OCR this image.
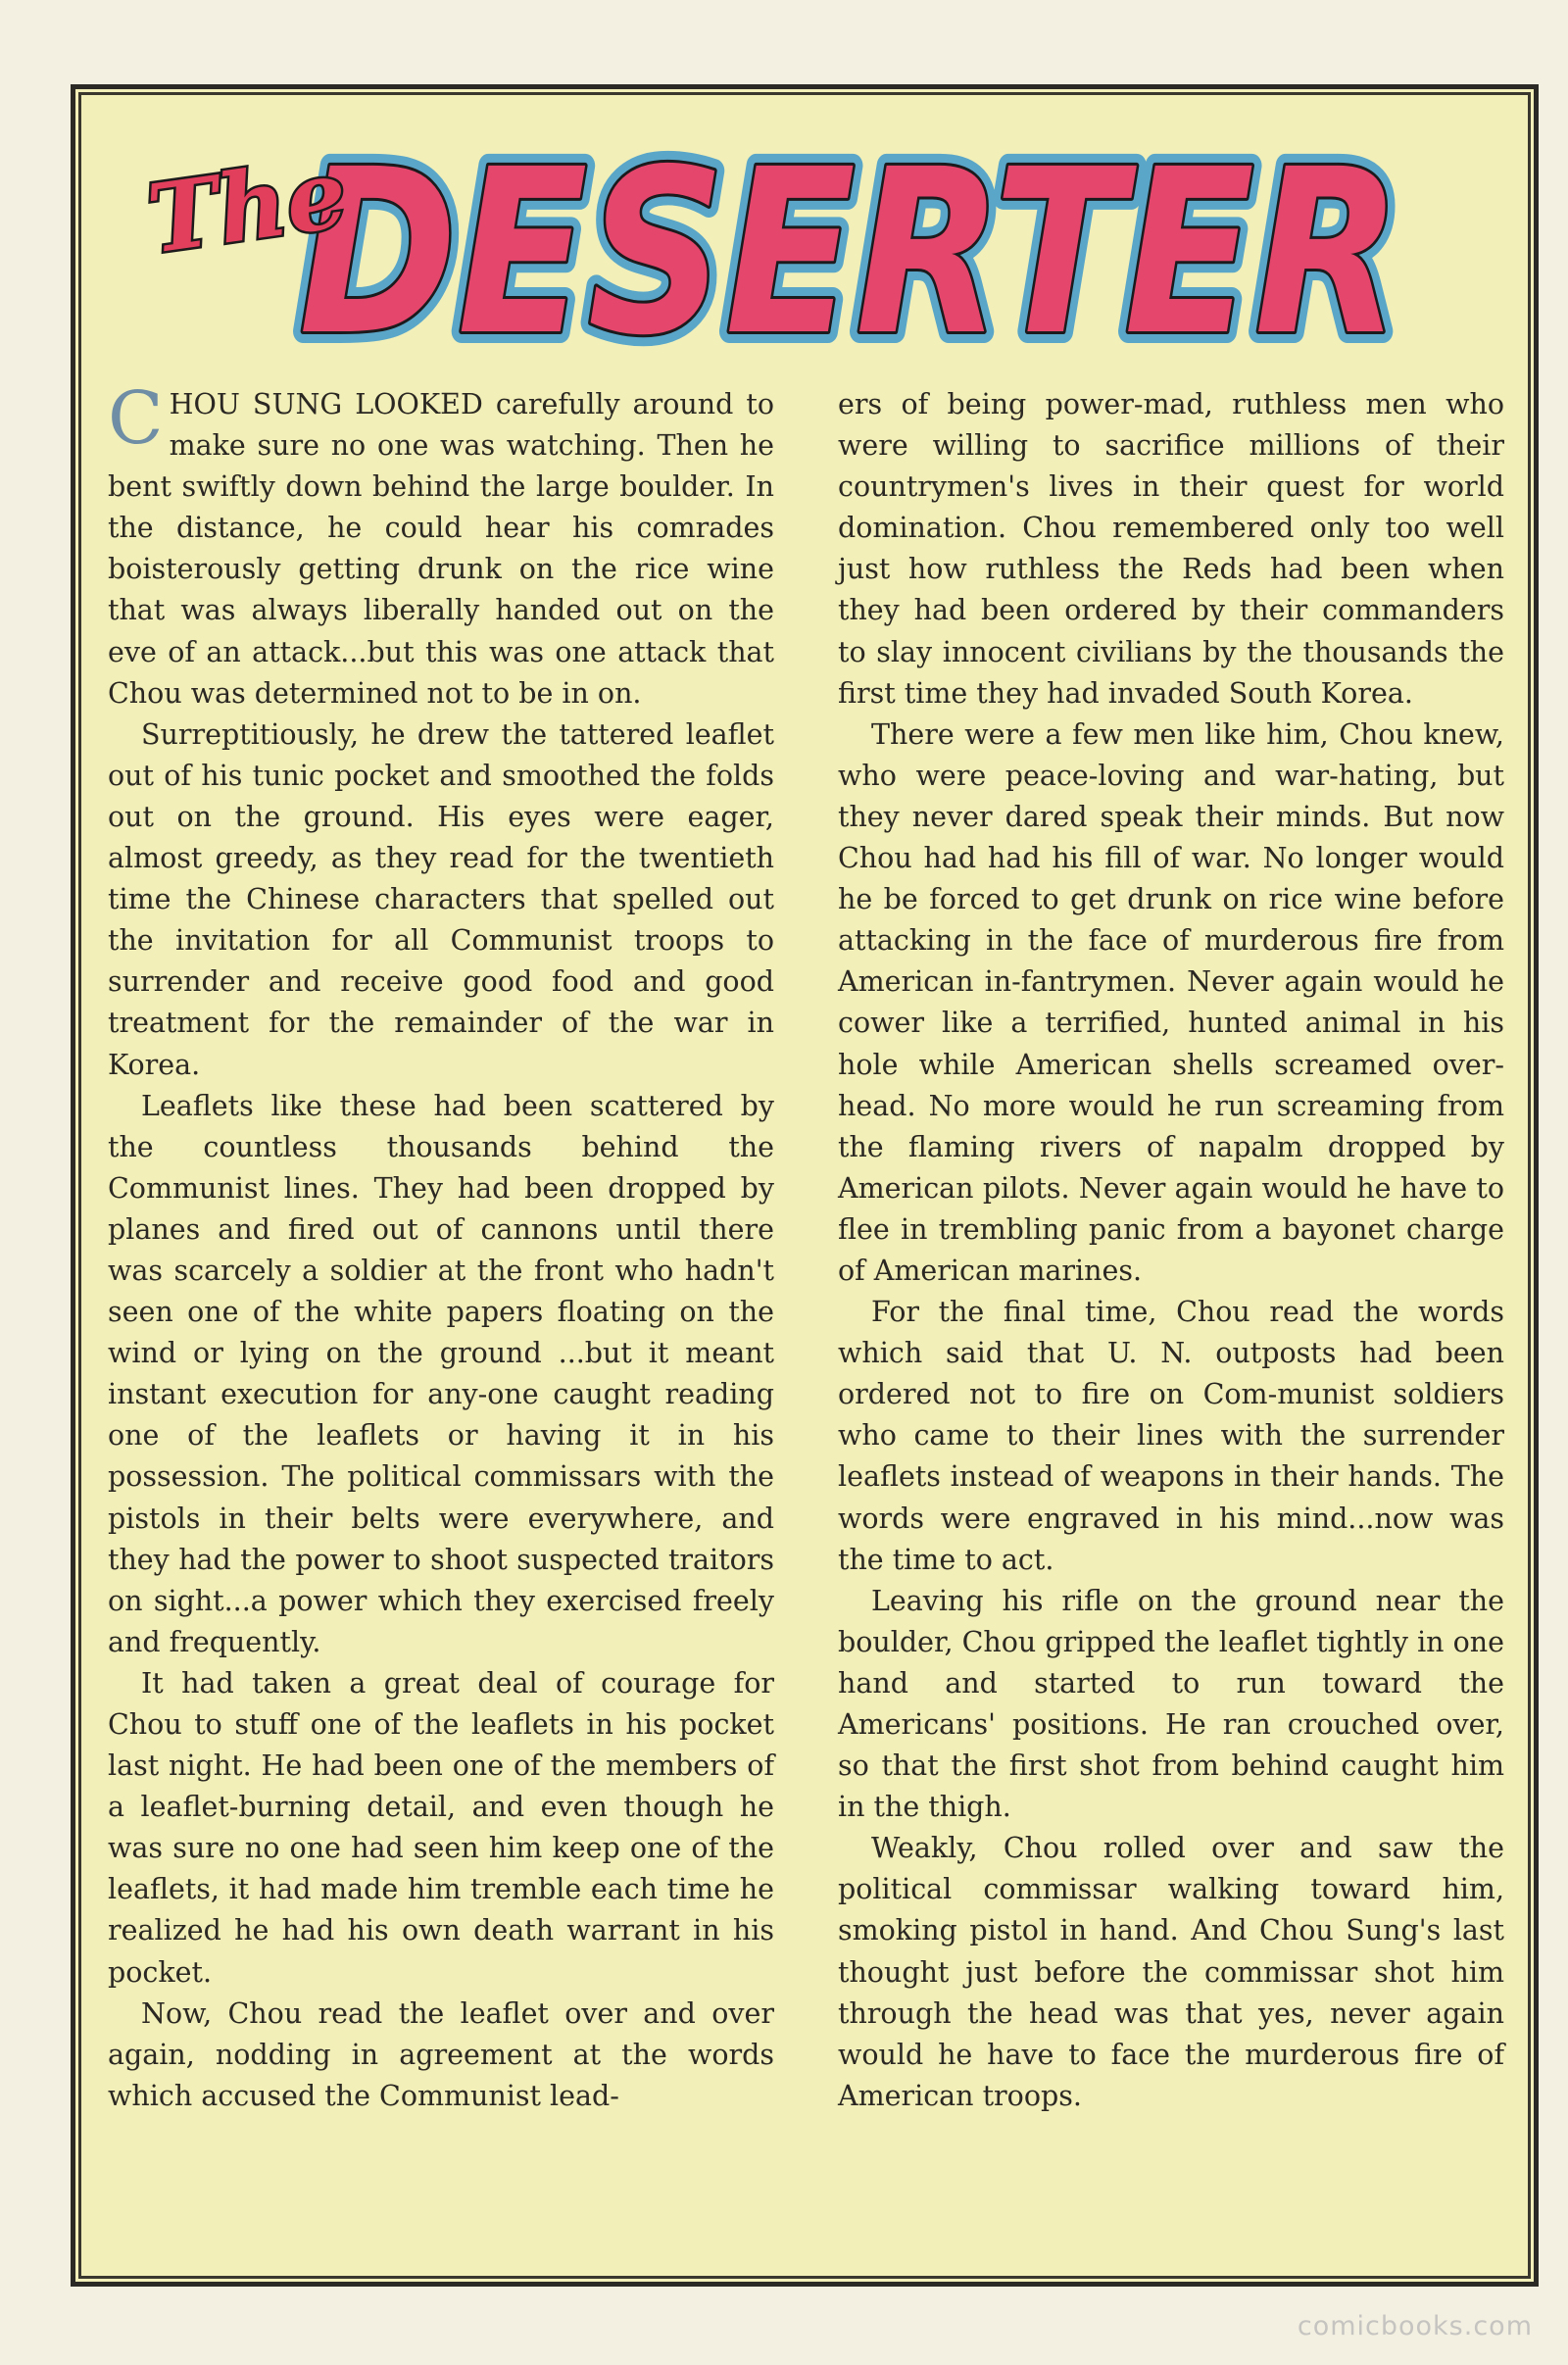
DESERTER
DESERTER
The

CHOU SUNG LOOKED carefully around to make sure no one was watching. Then he bent swiftly down behind the large boulder. In the distance, he could hear his comrades boisterously getting drunk on the rice wine that was always liberally handed out on the eve of an attack...but this was one attack that Chou was determined not to be in on.

Surreptitiously, he drew the tattered leaflet out of his tunic pocket and smoothed the folds out on the ground. His eyes were eager, almost greedy, as they read for the twentieth time the Chinese characters that spelled out the invitation for all Communist troops to surrender and receive good food and good treatment for the remainder of the war in Korea.

Leaflets like these had been scattered by the countless thousands behind the Communist lines. They had been dropped by planes and fired out of cannons until there was scarcely a soldier at the front who hadn't seen one of the white papers floating on the wind or lying on the ground ...but it meant instant execution for any-one caught reading one of the leaflets or having it in his possession. The political commissars with the pistols in their belts were everywhere, and they had the power to shoot suspected traitors on sight...a power which they exercised freely and frequently.

It had taken a great deal of courage for Chou to stuff one of the leaflets in his pocket last night. He had been one of the members of a leaflet-burning detail, and even though he was sure no one had seen him keep one of the leaflets, it had made him tremble each time he realized he had his own death warrant in his pocket.

Now, Chou read the leaflet over and over again, nodding in agreement at the words which accused the Communist lead-

ers of being power-mad, ruthless men who were willing to sacrifice millions of their countrymen's lives in their quest for world domination. Chou remembered only too well just how ruthless the Reds had been when they had been ordered by their commanders to slay innocent civilians by the thousands the first time they had invaded South Korea.

There were a few men like him, Chou knew, who were peace-loving and war-hating, but they never dared speak their minds. But now Chou had had his fill of war. No longer would he be forced to get drunk on rice wine before attacking in the face of murderous fire from American in-fantrymen. Never again would he cower like a terrified, hunted animal in his hole while American shells screamed over-head. No more would he run screaming from the flaming rivers of napalm dropped by American pilots. Never again would he have to flee in trembling panic from a bayonet charge of American marines.

For the final time, Chou read the words which said that U. N. outposts had been ordered not to fire on Com-munist soldiers who came to their lines with the surrender leaflets instead of weapons in their hands. The words were engraved in his mind...now was the time to act.

Leaving his rifle on the ground near the boulder, Chou gripped the leaflet tightly in one hand and started to run toward the Americans' positions. He ran crouched over, so that the first shot from behind caught him in the thigh.

Weakly, Chou rolled over and saw the political commissar walking toward him, smoking pistol in hand. And Chou Sung's last thought just before the commissar shot him through the head was that yes, never again would he have to face the murderous fire of American troops.

comicbooks.com
